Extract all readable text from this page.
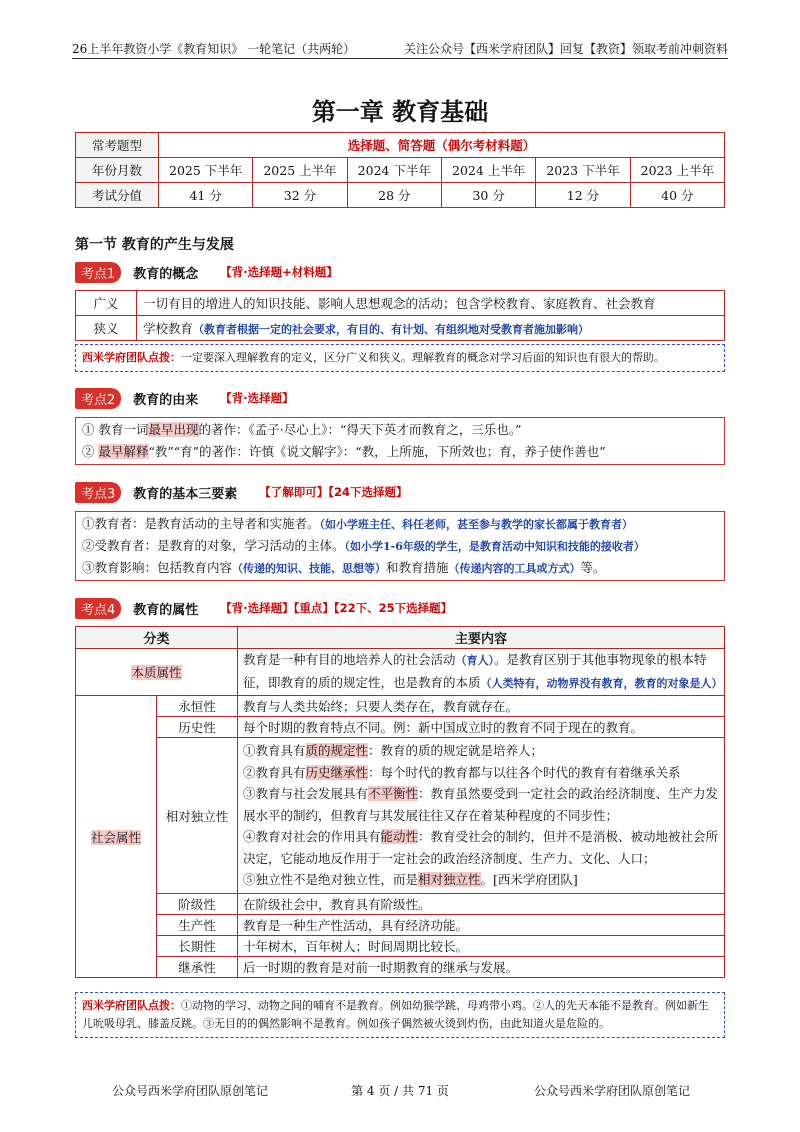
26上半年教资小学《教育知识》 一轮笔记（共两轮）	关注公众号【西米学府团队】回复【教资】领取考前冲刺资料
第一章 教育基础
常考题型	选择题、简答题（偶尔考材料题）					
年份月数	2025 下半年	2025 上半年	2024 下半年	2024 上半年	2023 下半年	2023 上半年
考试分值	41 分	32 分	28 分	30 分	12 分	40 分
第一节 教育的产生与发展
考点1	教育的概念 【背·选择题+材料题】
广义	一切有目的增进人的知识技能、影响人思想观念的活动；包含学校教育、家庭教育、社会教育
狭义	学校教育（教育者根据一定的社会要求，有目的、有计划、有组织地对受教育者施加影响）
西米学府团队点拨：一定要深入理解教育的定义，区分广义和狭义。理解教育的概念对学习后面的知识也有很大的帮助。
考点2	教育的由来 【背·选择题】
① 教育一词最早出现的著作：《孟子·尽心上》：“得天下英才而教育之，三乐也。”
② 最早解释“教”“育”的著作：许慎《说文解字》：“教，上所施，下所效也；育，养子使作善也”
考点3	教育的基本三要素 【了解即可】【24下选择题】
①教育者：是教育活动的主导者和实施者。（如小学班主任、科任老师，甚至参与教学的家长都属于教育者）
②受教育者：是教育的对象，学习活动的主体。（如小学1-6年级的学生，是教育活动中知识和技能的接收者）
③教育影响：包括教育内容（传递的知识、技能、思想等）和教育措施（传递内容的工具或方式）等。
考点4	教育的属性 【背·选择题】【重点】【22下、25下选择题】
分类		主要内容
本质属性		教育是一种有目的地培养人的社会活动（育人）。是教育区别于其他事物现象的根本特征，即教育的质的规定性，也是教育的本质（人类特有，动物界没有教育，教育的对象是人）
社会属性	永恒性	教育与人类共始终；只要人类存在，教育就存在。
	历史性	每个时期的教育特点不同。例：新中国成立时的教育不同于现在的教育。
	相对独立性	①教育具有质的规定性：教育的质的规定就是培养人；
②教育具有历史继承性：每个时代的教育都与以往各个时代的教育有着继承关系
③教育与社会发展具有不平衡性：教育虽然要受到一定社会的政治经济制度、生产力发展水平的制约，但教育与其发展往往又存在着某种程度的不同步性；
④教育对社会的作用具有能动性：教育受社会的制约，但并不是消极、被动地被社会所决定，它能动地反作用于一定社会的政治经济制度、生产力、文化、人口；
⑤独立性不是绝对独立性，而是相对独立性。[西米学府团队]

	阶级性	在阶级社会中，教育具有阶级性。
	生产性	教育是一种生产性活动，具有经济功能。
	长期性	十年树木，百年树人；时间周期比较长。
	继承性	后一时期的教育是对前一时期教育的继承与发展。
西米学府团队点拨：①动物的学习、动物之间的哺育不是教育。例如幼猴学跳、母鸡带小鸡。②人的先天本能不是教育。例如新生儿吮吸母乳、膝盖反跳。③无目的的偶然影响不是教育。例如孩子偶然被火烫到灼伤，由此知道火是危险的。
公众号西米学府团队原创笔记	第 4 页 / 共 71 页	公众号西米学府团队原创笔记
